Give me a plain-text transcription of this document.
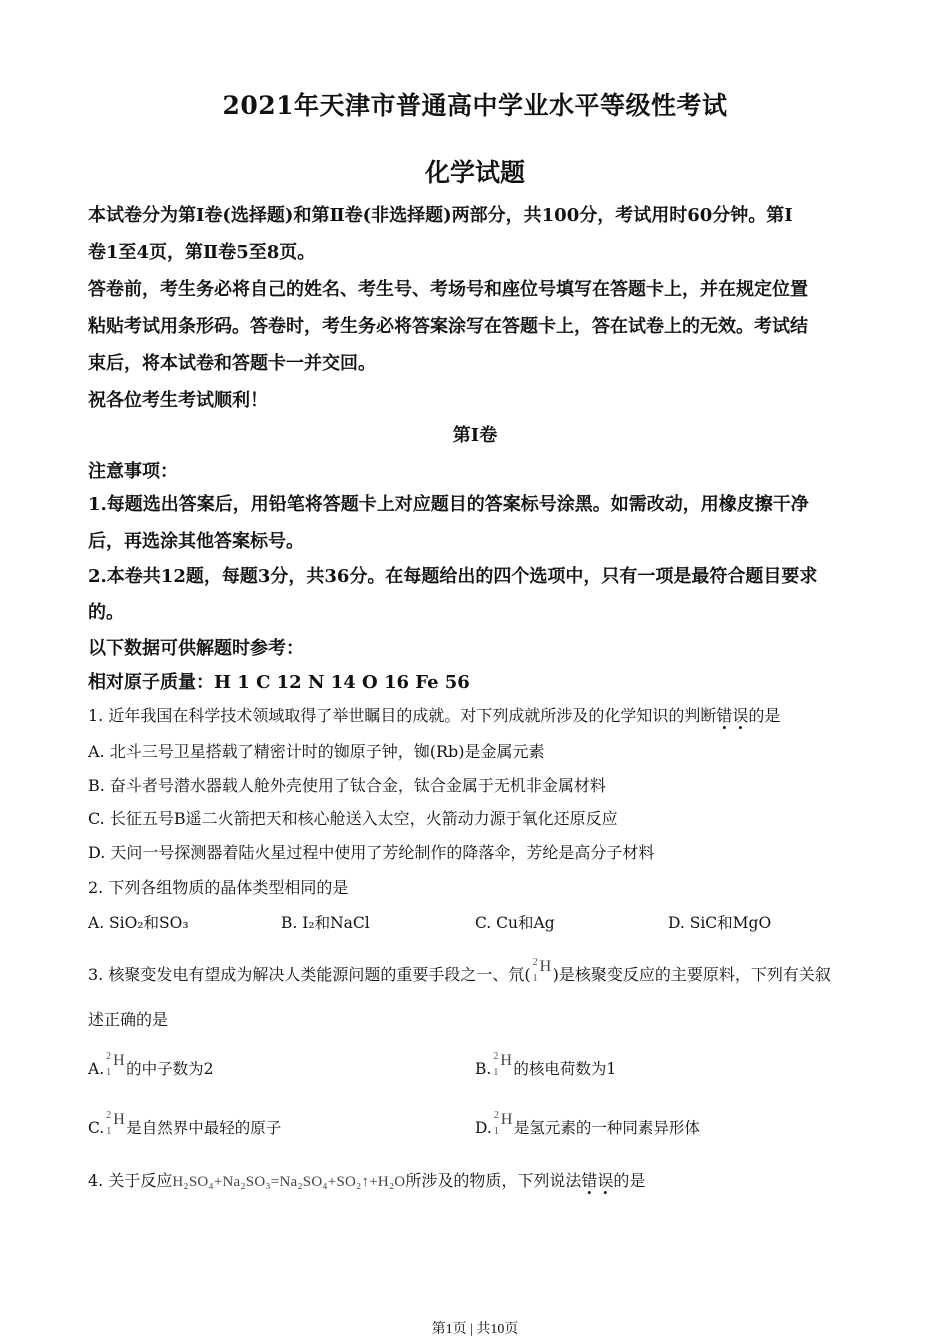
2021年天津市普通高中学业水平等级性考试
化学试题
本试卷分为第Ⅰ卷(选择题)和第Ⅱ卷(非选择题)两部分，共100分，考试用时60分钟。第Ⅰ
卷1至4页，第Ⅱ卷5至8页。
答卷前，考生务必将自己的姓名、考生号、考场号和座位号填写在答题卡上，并在规定位置
粘贴考试用条形码。答卷时，考生务必将答案涂写在答题卡上，答在试卷上的无效。考试结
束后，将本试卷和答题卡一并交回。
祝各位考生考试顺利！
第Ⅰ卷
注意事项：
1.每题选出答案后，用铅笔将答题卡上对应题目的答案标号涂黑。如需改动，用橡皮擦干净
后，再选涂其他答案标号。
2.本卷共12题，每题3分，共36分。在每题给出的四个选项中，只有一项是最符合题目要求
的。
以下数据可供解题时参考：
相对原子质量：H 1 C 12 N 14 O 16 Fe 56
1. 近年我国在科学技术领域取得了举世瞩目的成就。对下列成就所涉及的化学知识的判断错误的是
A. 北斗三号卫星搭载了精密计时的铷原子钟，铷(Rb)是金属元素
B. 奋斗者号潜水器载人舱外壳使用了钛合金，钛合金属于无机非金属材料
C. 长征五号B遥二火箭把天和核心舱送入太空，火箭动力源于氧化还原反应
D. 天问一号探测器着陆火星过程中使用了芳纶制作的降落伞，芳纶是高分子材料
2. 下列各组物质的晶体类型相同的是
A. SiO₂和SO₃	B. I₂和NaCl	C. Cu和Ag	D. SiC和MgO
3. 核聚变发电有望成为解决人类能源问题的重要手段之一、氘(
2
1
H )是核聚变反应的主要原料，下列有关叙
述正确的是
A.
2
1
H 的中子数为2	B.
2
1
H 的核电荷数为1
C.
2
1
H 是自然界中最轻的原子	D.
2
1
H 是氢元素的一种同素异形体
4. 关于反应H₂SO₄+Na₂SO₃=Na₂SO₄+SO₂↑+H₂O所涉及的物质，下列说法错误的是
第1页 | 共10页
